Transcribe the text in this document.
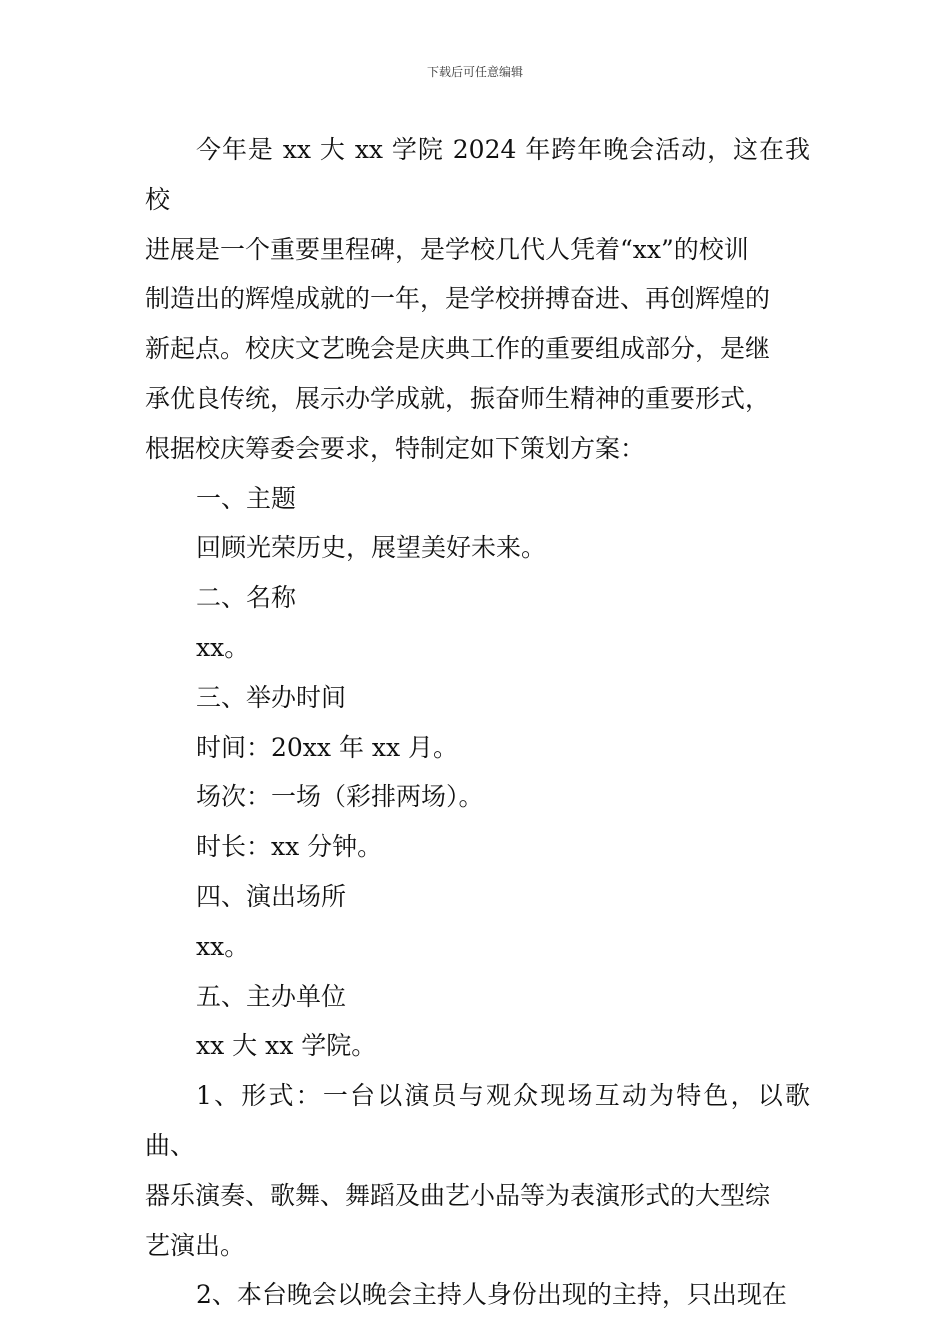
下载后可任意编辑
今年是 xx 大 xx 学院 2024 年跨年晚会活动，这在我校
进展是一个重要里程碑，是学校几代人凭着“xx”的校训
制造出的辉煌成就的一年，是学校拼搏奋进、再创辉煌的
新起点。校庆文艺晚会是庆典工作的重要组成部分，是继
承优良传统，展示办学成就，振奋师生精神的重要形式，
根据校庆筹委会要求，特制定如下策划方案：
一、主题
回顾光荣历史，展望美好未来。
二、名称
xx。
三、举办时间
时间：20xx 年 xx 月。
场次：一场（彩排两场）。
时长：xx 分钟。
四、演出场所
xx。
五、主办单位
xx 大 xx 学院。
1、形式：一台以演员与观众现场互动为特色，以歌曲、
器乐演奏、歌舞、舞蹈及曲艺小品等为表演形式的大型综
艺演出。
2、本台晚会以晚会主持人身份出现的主持，只出现在
